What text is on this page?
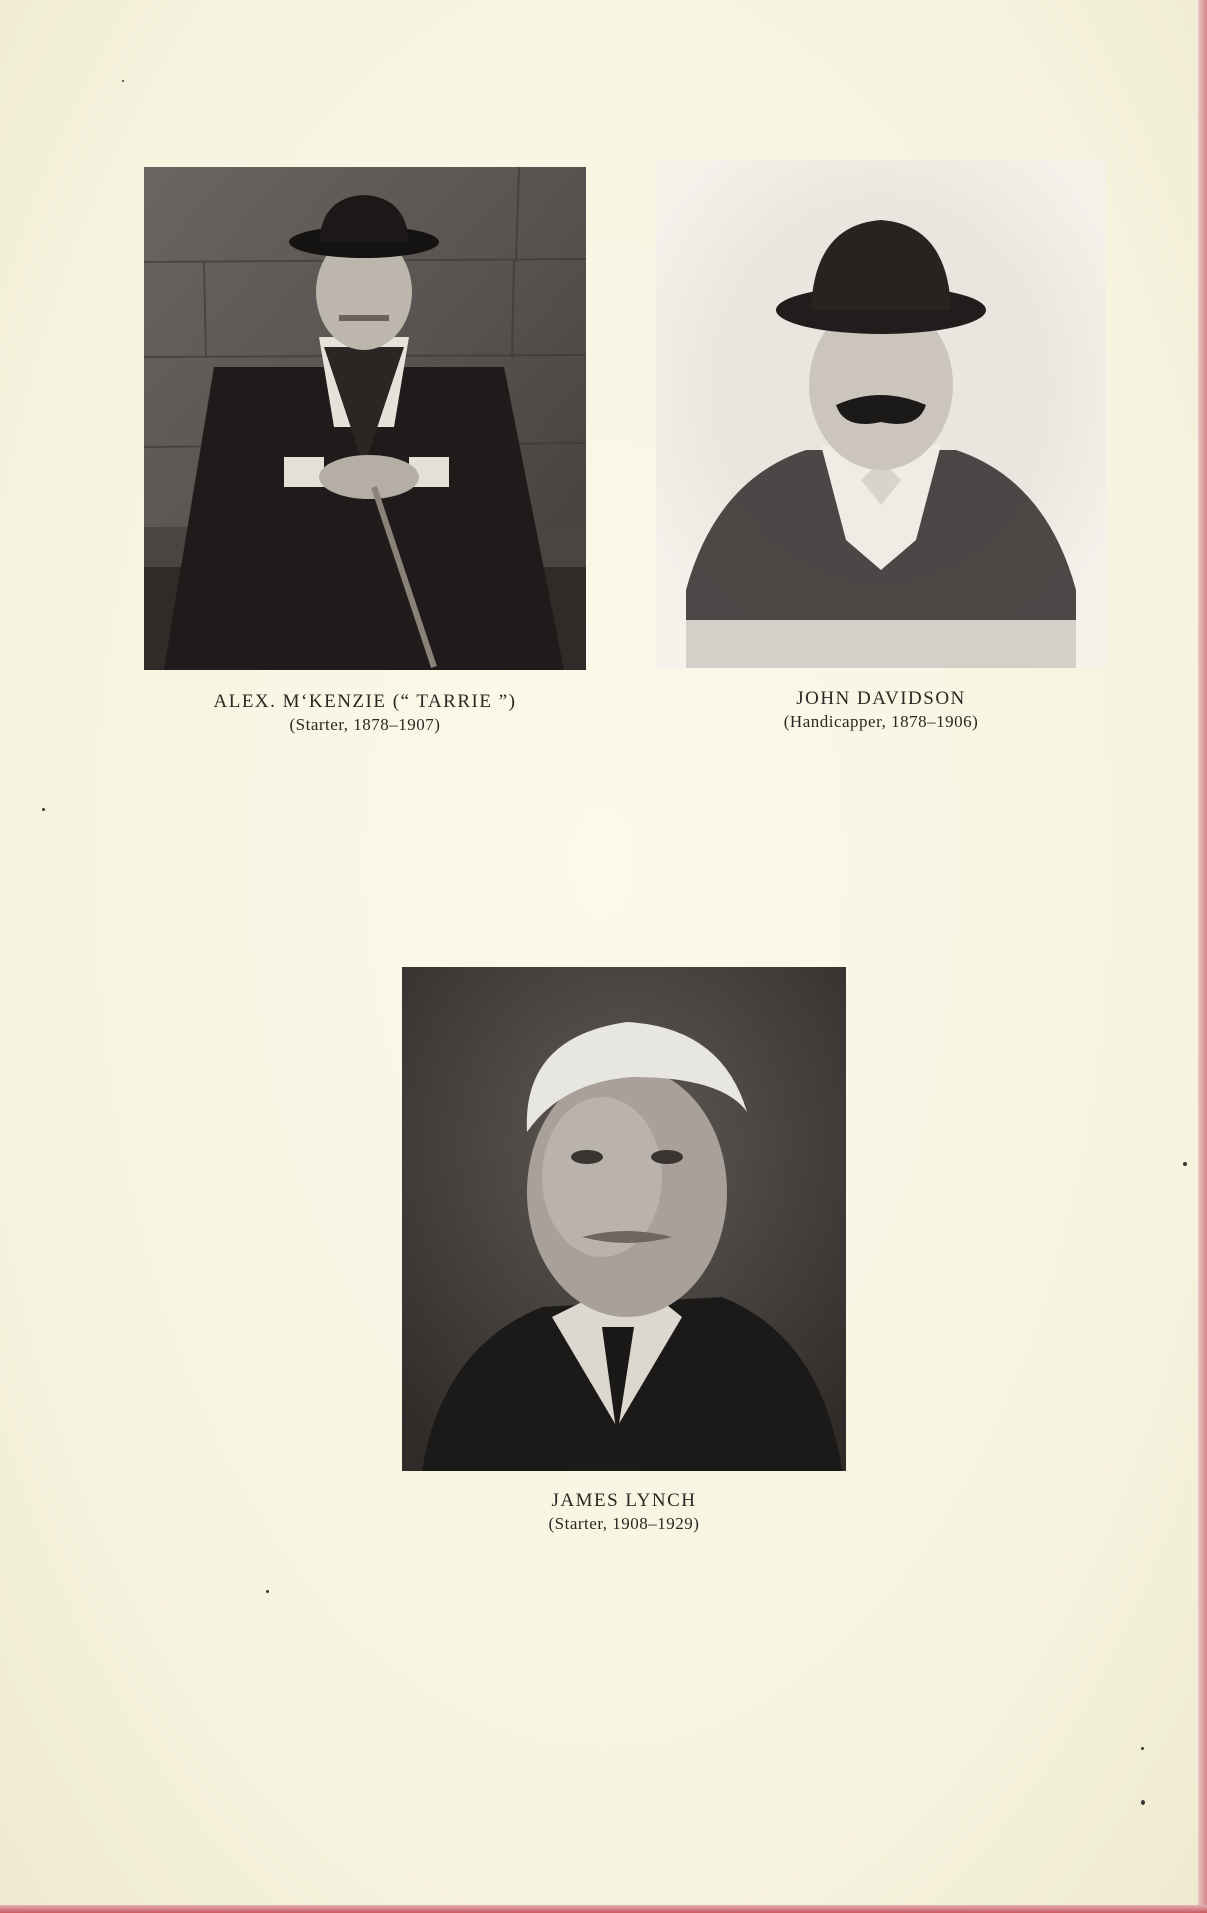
ALEX. M‘KENZIE (“ TARRIE ”)
(Starter, 1878–1907)
JOHN DAVIDSON
(Handicapper, 1878–1906)
JAMES LYNCH
(Starter, 1908–1929)
